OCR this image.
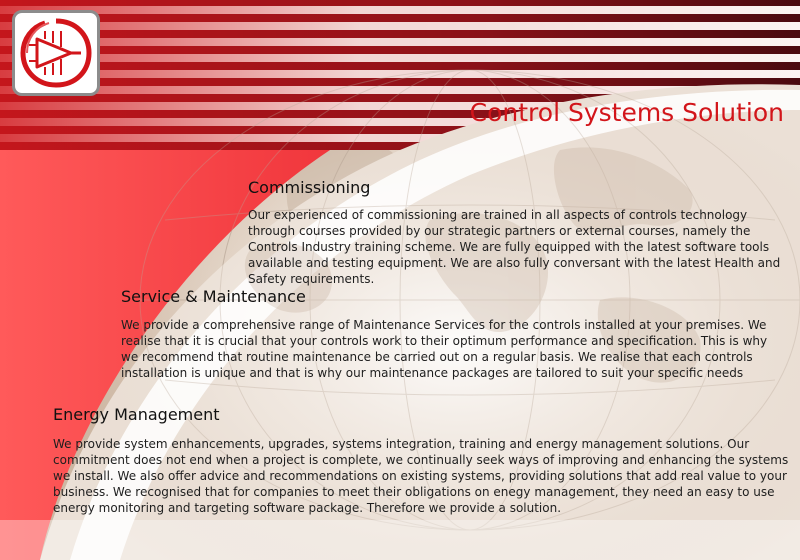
Control Systems Solution
Commissioning

Our experienced of commissioning are trained in all aspects of controls technology through courses provided by our strategic partners or external courses, namely the Controls Industry training scheme. We are fully equipped with the latest software tools available and testing equipment. We are also fully conversant with the latest Health and Safety requirements.

Service & Maintenance

We provide a comprehensive range of Maintenance Services for the controls installed at your premises. We realise that it is crucial that your controls work to their optimum performance and specification. This is why we recommend that routine maintenance be carried out on a regular basis. We realise that each controls installation is unique and that is why our maintenance packages are tailored to suit your specific needs

Energy Management

We provide system enhancements, upgrades, systems integration, training and energy management solutions. Our commitment does not end when a project is complete, we continually seek ways of improving and enhancing the systems we install. We also offer advice and recommendations on existing systems, providing solutions that add real value to your business. We recognised that for companies to meet their obligations on enegy management, they need an easy to use energy monitoring and targeting software package. Therefore we provide a solution.
